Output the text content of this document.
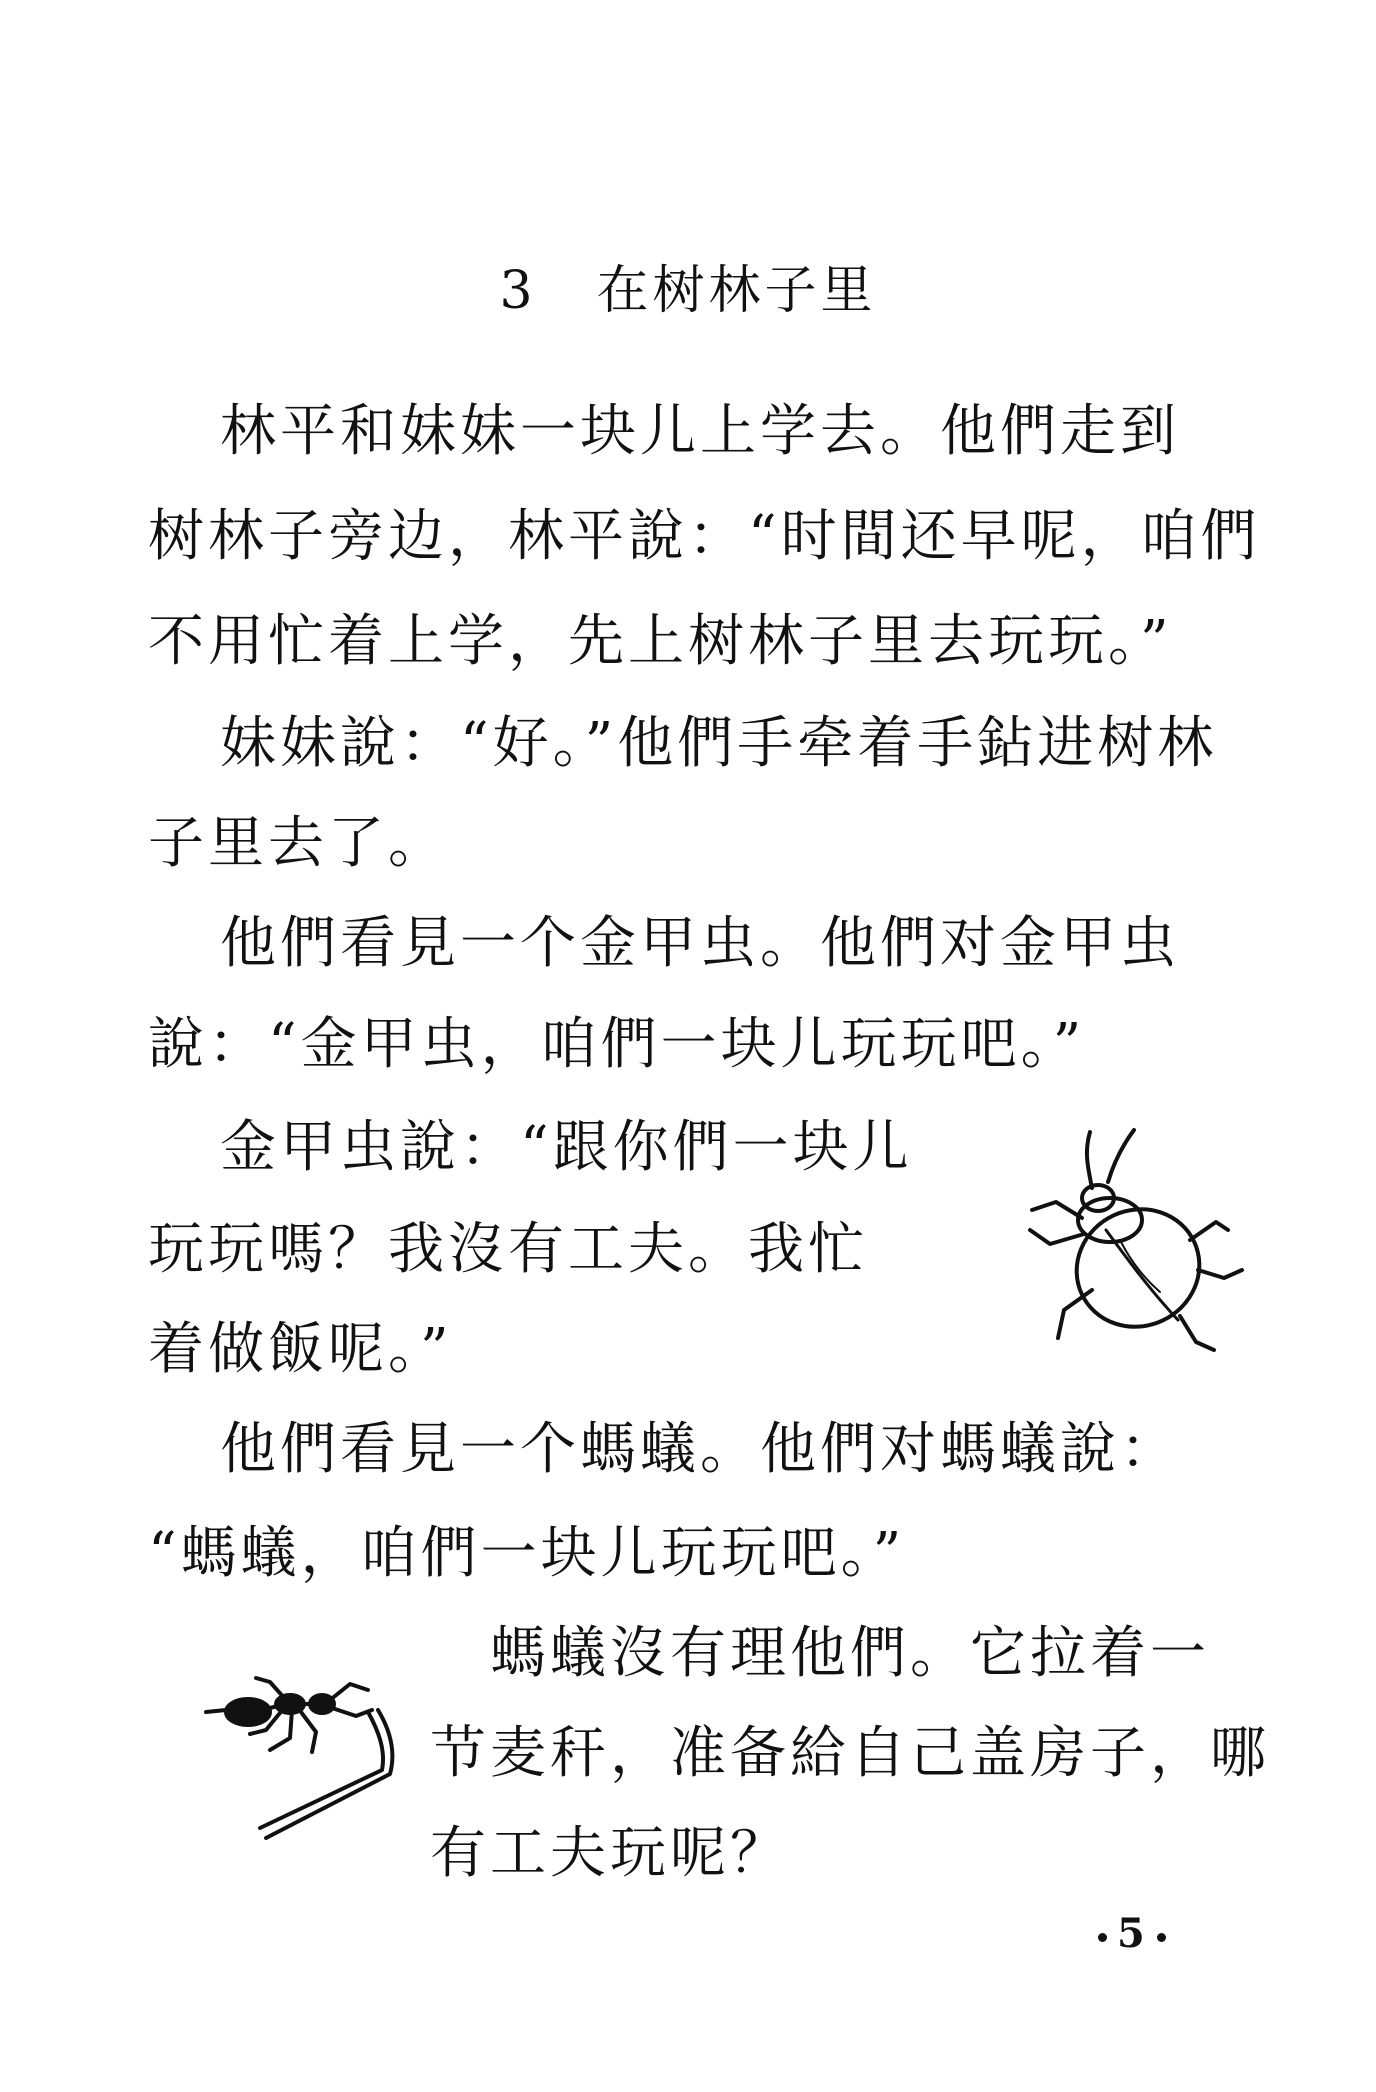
3 在树林子里
林平和妹妹一块儿上学去。他們走到
树林子旁边，林平說：“时間还早呢，咱們
不用忙着上学，先上树林子里去玩玩。”
妹妹說：“好。”他們手牵着手鉆进树林
子里去了。
他們看見一个金甲虫。他們对金甲虫
說：“金甲虫，咱們一块儿玩玩吧。”
金甲虫說：“跟你們一块儿
玩玩嗎？我沒有工夫。我忙
着做飯呢。”
他們看見一个螞蟻。他們对螞蟻說：
“螞蟻，咱們一块儿玩玩吧。”
螞蟻沒有理他們。它拉着一
节麦秆，准备給自己盖房子，哪
有工夫玩呢？
5
